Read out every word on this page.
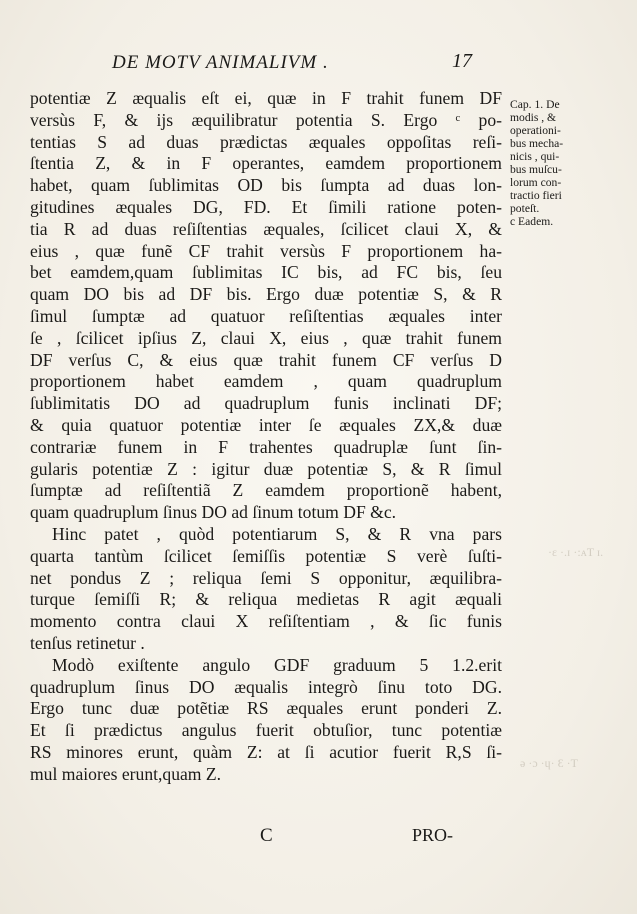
DE MOTV ANIMALIVM .	17
potentiæ Z æqualis eſt ei, quæ in F trahit funem DF
versùs F, & ijs æquilibratur potentia S. Ergo ᶜ po-
tentias S ad duas prædictas æquales oppoſitas reſi-
ſtentia Z, & in F operantes, eamdem proportionem
habet, quam ſublimitas OD bis ſumpta ad duas lon-
gitudines æquales DG, FD. Et ſimili ratione poten-
tia R ad duas reſiſtentias æquales, ſcilicet claui X, &
eius , quæ funẽ CF trahit versùs F proportionem ha-
bet eamdem,quam ſublimitas IC bis, ad FC bis, ſeu
quam DO bis ad DF bis. Ergo duæ potentiæ S, & R
ſimul ſumptæ ad quatuor reſiſtentias æquales inter
ſe , ſcilicet ipſius Z, claui X, eius , quæ trahit funem
DF verſus C, & eius quæ trahit funem CF verſus D
proportionem habet eamdem , quam quadruplum
ſublimitatis DO ad quadruplum funis inclinati DF;
& quia quatuor potentiæ inter ſe æquales ZX,& duæ
contrariæ funem in F trahentes quadruplæ ſunt ſin-
gularis potentiæ Z : igitur duæ potentiæ S, & R ſimul
ſumptæ ad reſiſtentiã Z eamdem proportionẽ habent,
quam quadruplum ſinus DO ad ſinum totum DF &c.
Hinc patet , quòd potentiarum S, & R vna pars
quarta tantùm ſcilicet ſemiſſis potentiæ S verè ſuſti-
net pondus Z ; reliqua ſemi S opponitur, æquilibra-
turque ſemiſſi R; & reliqua medietas R agit æquali
momento contra claui X reſiſtentiam , & ſic funis
tenſus retinetur .
Modò exiſtente angulo GDF graduum 5 1.2.erit
quadruplum ſinus DO æqualis integrò ſinu toto DG.
Ergo tunc duæ potẽtiæ RS æquales erunt ponderi Z.
Et ſi prædictus angulus fuerit obtuſior, tunc potentiæ
RS minores erunt, quàm Z: at ſi acutior fuerit R,S ſi-
mul maiores erunt,quam Z.
Cap. 1. De
modis , &
operationi-
bus mecha-
nicis , qui-
bus muſcu-
lorum con-
tractio fieri
poteſt.
c Eadem.
·ɛ ·.ɪ ·:ᴀT ɪ.
ǝ ·ɔ ·ɥ· Ɛ ·T
C	PRO-
